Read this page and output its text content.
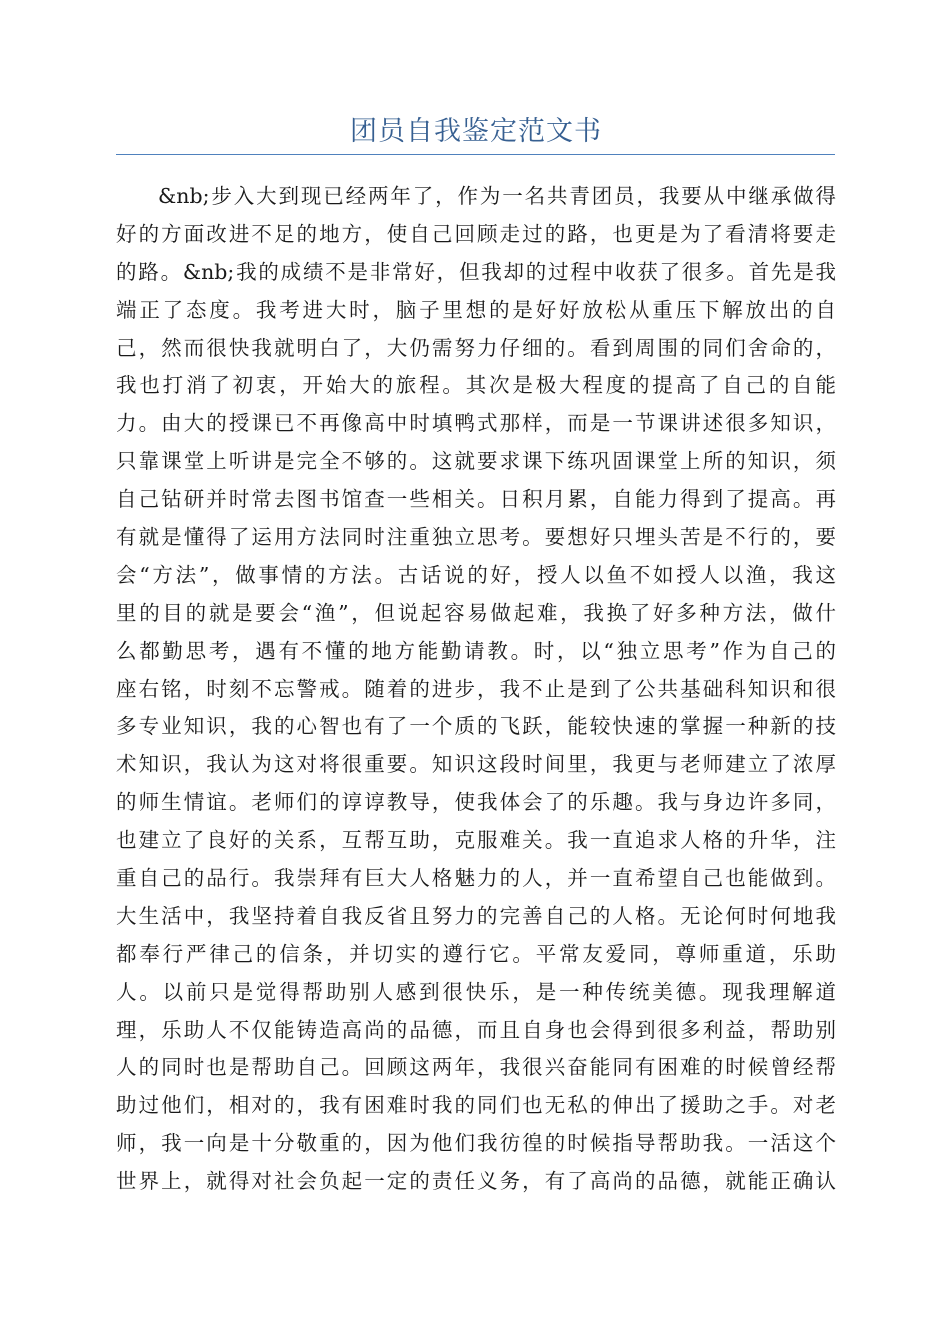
团员自我鉴定范文书
&nb;步入大到现已经两年了，作为一名共青团员，我要从中继承做得
好的方面改进不足的地方，使自己回顾走过的路，也更是为了看清将要走
的路。&nb;我的成绩不是非常好，但我却的过程中收获了很多。首先是我
端正了态度。我考进大时，脑子里想的是好好放松从重压下解放出的自
己，然而很快我就明白了，大仍需努力仔细的。看到周围的同们舍命的，
我也打消了初衷，开始大的旅程。其次是极大程度的提高了自己的自能
力。由大的授课已不再像高中时填鸭式那样，而是一节课讲述很多知识，
只靠课堂上听讲是完全不够的。这就要求课下练巩固课堂上所的知识，须
自己钻研并时常去图书馆查一些相关。日积月累，自能力得到了提高。再
有就是懂得了运用方法同时注重独立思考。要想好只埋头苦是不行的，要
会“方法”，做事情的方法。古话说的好，授人以鱼不如授人以渔，我这
里的目的就是要会“渔”，但说起容易做起难，我换了好多种方法，做什
么都勤思考，遇有不懂的地方能勤请教。时，以“独立思考”作为自己的
座右铭，时刻不忘警戒。随着的进步，我不止是到了公共基础科知识和很
多专业知识，我的心智也有了一个质的飞跃，能较快速的掌握一种新的技
术知识，我认为这对将很重要。知识这段时间里，我更与老师建立了浓厚
的师生情谊。老师们的谆谆教导，使我体会了的乐趣。我与身边许多同，
也建立了良好的关系，互帮互助，克服难关。我一直追求人格的升华，注
重自己的品行。我崇拜有巨大人格魅力的人，并一直希望自己也能做到。
大生活中，我坚持着自我反省且努力的完善自己的人格。无论何时何地我
都奉行严律己的信条，并切实的遵行它。平常友爱同，尊师重道，乐助
人。以前只是觉得帮助别人感到很快乐，是一种传统美德。现我理解道
理，乐助人不仅能铸造高尚的品德，而且自身也会得到很多利益，帮助别
人的同时也是帮助自己。回顾这两年，我很兴奋能同有困难的时候曾经帮
助过他们，相对的，我有困难时我的同们也无私的伸出了援助之手。对老
师，我一向是十分敬重的，因为他们我彷徨的时候指导帮助我。一活这个
世界上，就得对社会负起一定的责任义务，有了高尚的品德，就能正确认
